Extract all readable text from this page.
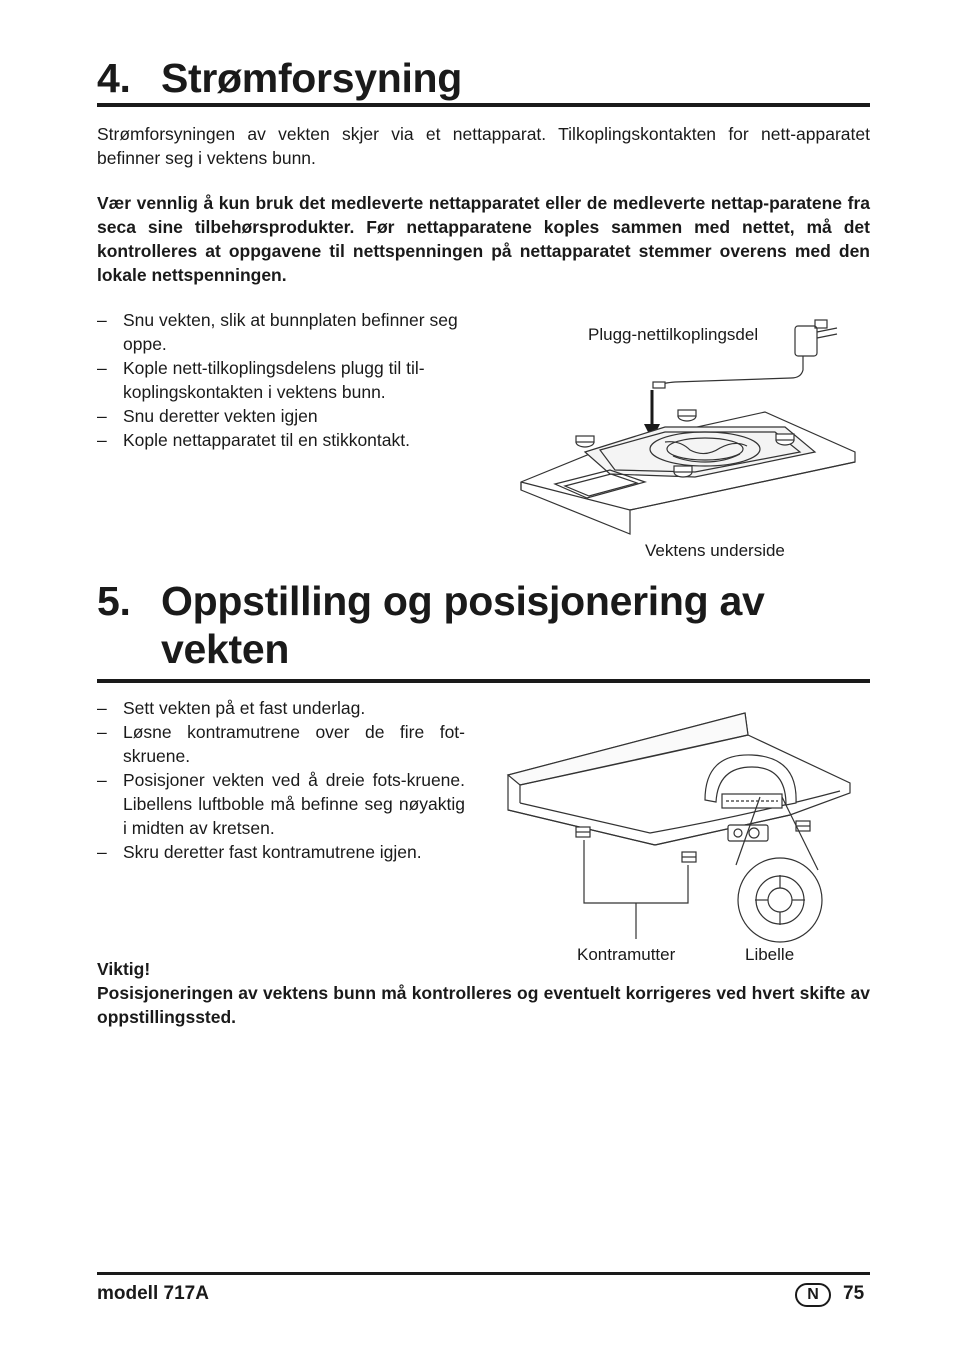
4. Strømforsyning

Strømforsyningen av vekten skjer via et nettapparat. Tilkoplingskontakten for nett-apparatet befinner seg i vektens bunn.

Vær vennlig å kun bruk det medleverte nettapparatet eller de medleverte nettap-paratene fra seca sine tilbehørsprodukter. Før nettapparatene koples sammen med nettet, må det kontrolleres at oppgavene til nettspenningen på nettapparatet stemmer overens med den lokale nettspenningen.

– Snu vekten, slik at bunnplaten befinner seg oppe.
– Kople nett-tilkoplingsdelens plugg til til-koplingskontakten i vektens bunn.
– Snu deretter vekten igjen
– Kople nettapparatet til en stikkontakt.
Plugg-nettilkoplingsdel
Vektens underside
5. Oppstilling og posisjonering av
vekten
– Sett vekten på et fast underlag.
– Løsne kontramutrene over de fire fot-skruene.
– Posisjoner vekten ved å dreie fots-kruene. Libellens luftboble må befinne seg nøyaktig i midten av kretsen.
– Skru deretter fast kontramutrene igjen.
Kontramutter	Libelle

Viktig!

Posisjoneringen av vektens bunn må kontrolleres og eventuelt korrigeres ved hvert skifte av oppstillingssted.

modell 717A	N	75
